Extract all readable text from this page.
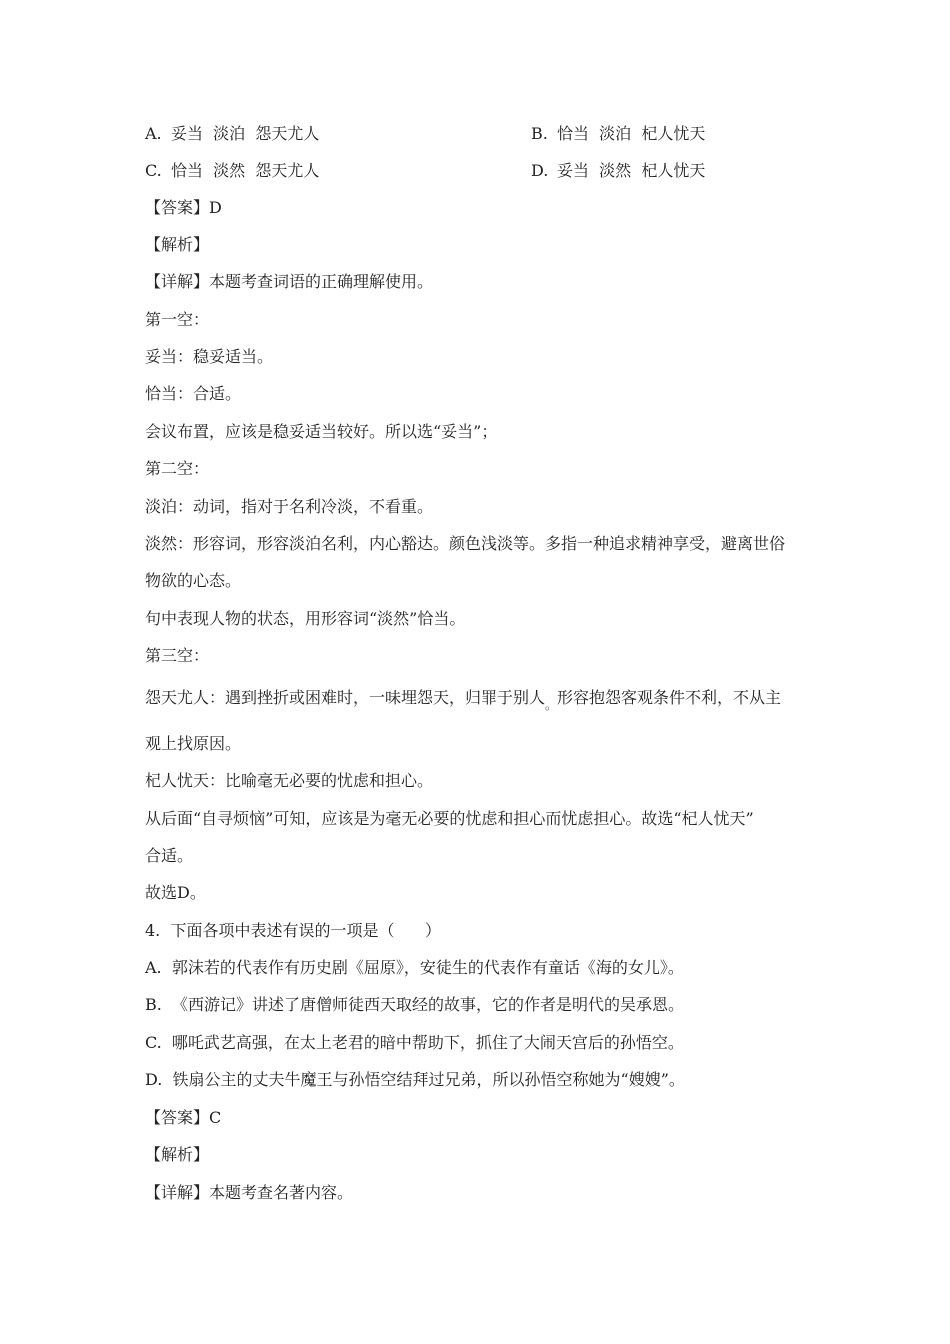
A. 妥当  淡泊  怨天尤人	B. 恰当  淡泊  杞人忧天
C. 恰当  淡然  怨天尤人	D. 妥当  淡然  杞人忧天
【答案】D
【解析】
【详解】本题考查词语的正确理解使用。
第一空：
妥当：稳妥适当。
恰当：合适。
会议布置，应该是稳妥适当较好。所以选“妥当”；
第二空：
淡泊：动词，指对于名利冷淡，不看重。
淡然：形容词，形容淡泊名利，内心豁达。颜色浅淡等。多指一种追求精神享受，避离世俗
物欲的心态。
句中表现人物的状态，用形容词“淡然”恰当。
第三空：
怨天尤人：遇到挫折或困难时，一味埋怨天，归罪于别人$_。$形容抱怨客观条件不利，不从主
观上找原因。
杞人忧天：比喻毫无必要的忧虑和担心。
从后面“自寻烦恼”可知，应该是为毫无必要的忧虑和担心而忧虑担心。故选“杞人忧天”
合适。
故选D。
4.  下面各项中表述有误的一项是（      ）
A.  郭沫若的代表作有历史剧《屈原》，安徒生的代表作有童话《海的女儿》。
B.  《西游记》讲述了唐僧师徒西天取经的故事，它的作者是明代的吴承恩。
C.  哪吒武艺高强，在太上老君的暗中帮助下，抓住了大闹天宫后的孙悟空。
D.  铁扇公主的丈夫牛魔王与孙悟空结拜过兄弟，所以孙悟空称她为“嫂嫂”。
【答案】C
【解析】
【详解】本题考查名著内容。
